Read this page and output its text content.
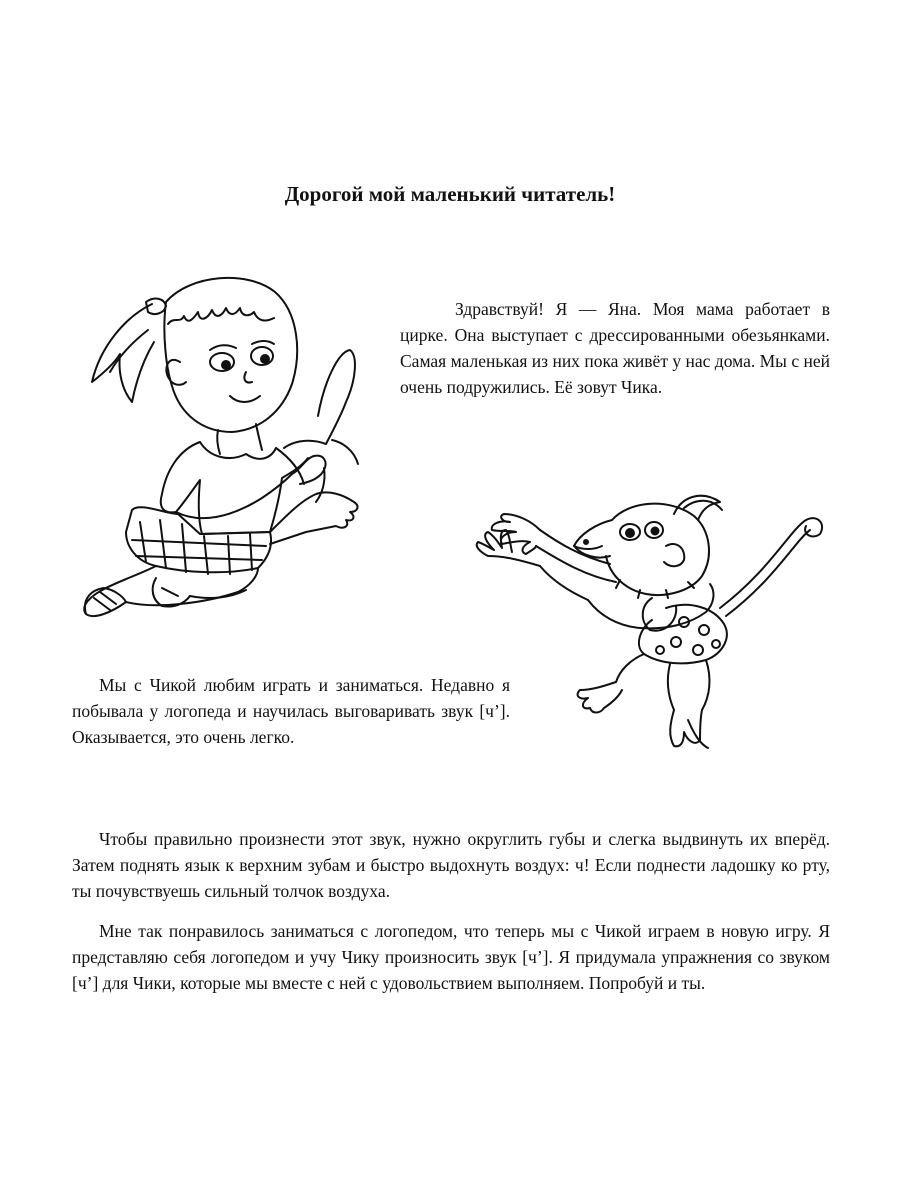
Дорогой мой маленький читатель!

Здравствуй! Я — Яна. Моя мама работает в цирке. Она выступает с дрессированными обезьянками. Самая маленькая из них пока живёт у нас дома. Мы с ней очень подружились. Её зовут Чика.

Мы с Чикой любим играть и заниматься. Недавно я побывала у логопеда и научилась выговаривать звук [ч’]. Оказывается, это очень легко.

Чтобы правильно произнести этот звук, нужно округлить губы и слегка выдвинуть их вперёд. Затем поднять язык к верхним зубам и быстро выдохнуть воздух: ч! Если поднести ладошку ко рту, ты почувствуешь сильный толчок воздуха.

Мне так понравилось заниматься с логопедом, что теперь мы с Чикой играем в новую игру. Я представляю себя логопедом и учу Чику произносить звук [ч’]. Я придумала упражнения со звуком [ч’] для Чики, которые мы вместе с ней с удовольствием выполняем. Попробуй и ты.
